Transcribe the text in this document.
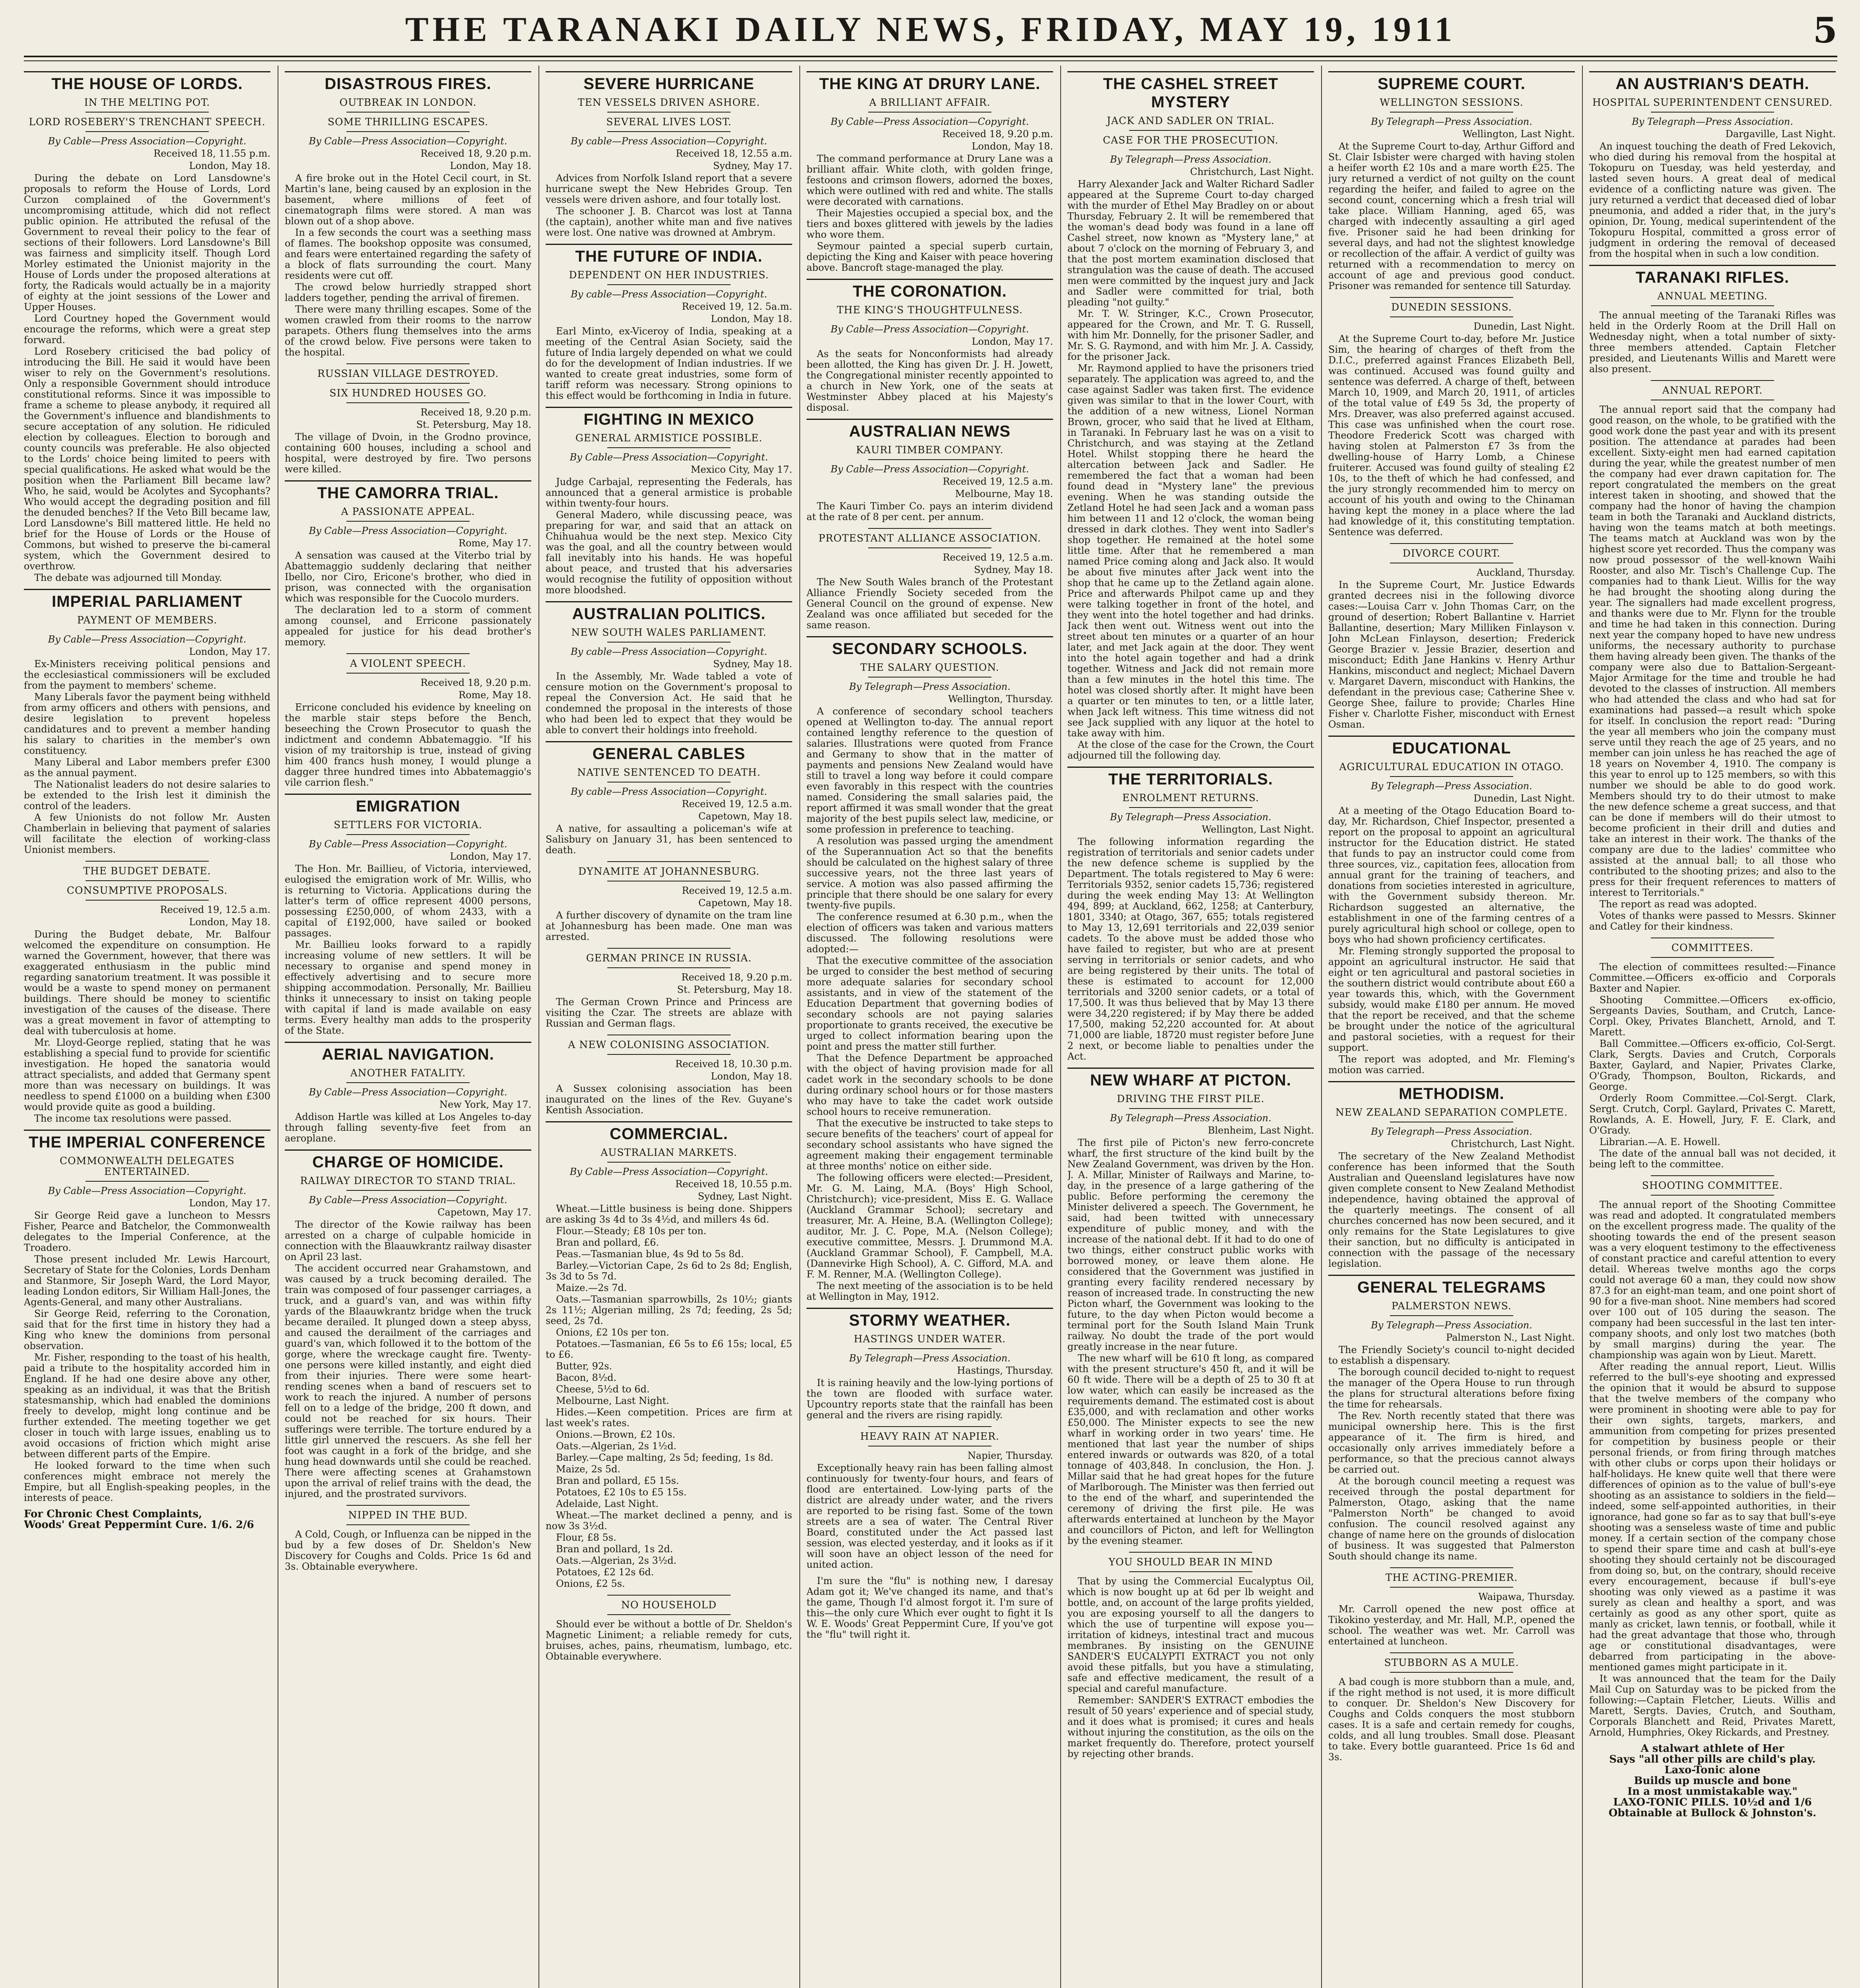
THE TARANAKI DAILY NEWS, FRIDAY, MAY 19, 1911	5
THE HOUSE OF LORDS.
IN THE MELTING POT.
LORD ROSEBERY'S TRENCHANT SPEECH.
By Cable—Press Association—Copyright.
Received 18, 11.55 p.m.
London, May 18.

During the debate on Lord Lansdowne's proposals to reform the House of Lords, Lord Curzon complained of the Government's uncompromising attitude, which did not reflect public opinion. He attributed the refusal of the Government to reveal their policy to the fear of sections of their followers. Lord Lansdowne's Bill was fairness and simplicity itself. Though Lord Morley estimated the Unionist majority in the House of Lords under the proposed alterations at forty, the Radicals would actually be in a majority of eighty at the joint sessions of the Lower and Upper Houses.

Lord Courtney hoped the Government would encourage the reforms, which were a great step forward.

Lord Rosebery criticised the bad policy of introducing the Bill. He said it would have been wiser to rely on the Government's resolutions. Only a responsible Government should introduce constitutional reforms. Since it was impossible to frame a scheme to please anybody, it required all the Government's influence and blandishments to secure acceptation of any solution. He ridiculed election by colleagues. Election to borough and county councils was preferable. He also objected to the Lords' choice being limited to peers with special qualifications. He asked what would be the position when the Parliament Bill became law? Who, he said, would be Acolytes and Sycophants? Who would accept the degrading position and fill the denuded benches? If the Veto Bill became law, Lord Lansdowne's Bill mattered little. He held no brief for the House of Lords or the House of Commons, but wished to preserve the bi-cameral system, which the Government desired to overthrow.

The debate was adjourned till Monday.

IMPERIAL PARLIAMENT
PAYMENT OF MEMBERS.
By Cable—Press Association—Copyright.
London, May 17.

Ex-Ministers receiving political pensions and the ecclesiastical commissioners will be excluded from the payment to members' scheme.

Many Liberals favor the payment being withheld from army officers and others with pensions, and desire legislation to prevent hopeless candidatures and to prevent a member handing his salary to charities in the member's own constituency.

Many Liberal and Labor members prefer £300 as the annual payment.

The Nationalist leaders do not desire salaries to be extended to the Irish lest it diminish the control of the leaders.

A few Unionists do not follow Mr. Austen Chamberlain in believing that payment of salaries will facilitate the election of working-class Unionist members.

THE BUDGET DEBATE.
CONSUMPTIVE PROPOSALS.
Received 19, 12.5 a.m.
London, May 18.

During the Budget debate, Mr. Balfour welcomed the expenditure on consumption. He warned the Government, however, that there was exaggerated enthusiasm in the public mind regarding sanatorium treatment. It was possible it would be a waste to spend money on permanent buildings. There should be money to scientific investigation of the causes of the disease. There was a great movement in favor of attempting to deal with tuberculosis at home.

Mr. Lloyd-George replied, stating that he was establishing a special fund to provide for scientific investigation. He hoped the sanatoria would attract specialists, and added that Germany spent more than was necessary on buildings. It was needless to spend £1000 on a building when £300 would provide quite as good a building.

The income tax resolutions were passed.

THE IMPERIAL CONFERENCE
COMMONWEALTH DELEGATES ENTERTAINED.
By Cable—Press Association—Copyright.
London, May 17.

Sir George Reid gave a luncheon to Messrs Fisher, Pearce and Batchelor, the Commonwealth delegates to the Imperial Conference, at the Troadero.

Those present included Mr. Lewis Harcourt, Secretary of State for the Colonies, Lords Denham and Stanmore, Sir Joseph Ward, the Lord Mayor, leading London editors, Sir William Hall-Jones, the Agents-General, and many other Australians.

Sir George Reid, referring to the Coronation, said that for the first time in history they had a King who knew the dominions from personal observation.

Mr. Fisher, responding to the toast of his health, paid a tribute to the hospitality accorded him in England. If he had one desire above any other, speaking as an individual, it was that the British statesmanship, which had enabled the dominions freely to develop, might long continue and be further extended. The meeting together we get closer in touch with large issues, enabling us to avoid occasions of friction which might arise between different parts of the Empire.

He looked forward to the time when such conferences might embrace not merely the Empire, but all English-speaking peoples, in the interests of peace.

For Chronic Chest Complaints,
Woods' Great Peppermint Cure. 1/6. 2/6
DISASTROUS FIRES.
OUTBREAK IN LONDON.
SOME THRILLING ESCAPES.
By Cable—Press Association—Copyright.
Received 18, 9.20 p.m.
London, May 18.

A fire broke out in the Hotel Cecil court, in St. Martin's lane, being caused by an explosion in the basement, where millions of feet of cinematograph films were stored. A man was blown out of a shop above.

In a few seconds the court was a seething mass of flames. The bookshop opposite was consumed, and fears were entertained regarding the safety of a block of flats surrounding the court. Many residents were cut off.

The crowd below hurriedly strapped short ladders together, pending the arrival of firemen.

There were many thrilling escapes. Some of the women crawled from their rooms to the narrow parapets. Others flung themselves into the arms of the crowd below. Five persons were taken to the hospital.

RUSSIAN VILLAGE DESTROYED.
SIX HUNDRED HOUSES GO.
Received 18, 9.20 p.m.
St. Petersburg, May 18.

The village of Dvoin, in the Grodno province, containing 600 houses, including a school and hospital, were destroyed by fire. Two persons were killed.

THE CAMORRA TRIAL.
A PASSIONATE APPEAL.
By Cable—Press Association—Copyright.
Rome, May 17.

A sensation was caused at the Viterbo trial by Abattemaggio suddenly declaring that neither Ibello, nor Ciro, Ericone's brother, who died in prison, was connected with the organisation which was responsible for the Cuocolo murders.

The declaration led to a storm of comment among counsel, and Erricone passionately appealed for justice for his dead brother's memory.

A VIOLENT SPEECH.
Received 18, 9.20 p.m.
Rome, May 18.

Erricone concluded his evidence by kneeling on the marble stair steps before the Bench, beseeching the Crown Prosecutor to quash the indictment and condemn Abbatemaggio. "If his vision of my traitorship is true, instead of giving him 400 francs hush money, I would plunge a dagger three hundred times into Abbatemaggio's vile carrion flesh."

EMIGRATION
SETTLERS FOR VICTORIA.
By Cable—Press Association—Copyright.
London, May 17.

The Hon. Mr. Baillieu, of Victoria, interviewed, eulogised the emigration work of Mr. Willis, who is returning to Victoria. Applications during the latter's term of office represent 4000 persons, possessing £250,000, of whom 2433, with a capital of £192,000, have sailed or booked passages.

Mr. Baillieu looks forward to a rapidly increasing volume of new settlers. It will be necessary to organise and spend money in effectively advertising and to secure more shipping accommodation. Personally, Mr. Baillieu thinks it unnecessary to insist on taking people with capital if land is made available on easy terms. Every healthy man adds to the prosperity of the State.

AERIAL NAVIGATION.
ANOTHER FATALITY.
By Cable—Press Association—Copyright.
New York, May 17.

Addison Hartle was killed at Los Angeles to-day through falling seventy-five feet from an aeroplane.

CHARGE OF HOMICIDE.
RAILWAY DIRECTOR TO STAND TRIAL.
By Cable—Press Association—Copyright.
Capetown, May 17.

The director of the Kowie railway has been arrested on a charge of culpable homicide in connection with the Blaauwkrantz railway disaster on April 23 last.

The accident occurred near Grahamstown, and was caused by a truck becoming derailed. The train was composed of four passenger carriages, a truck, and a guard's van, and was within fifty yards of the Blaauwkrantz bridge when the truck became derailed. It plunged down a steep abyss, and caused the derailment of the carriages and guard's van, which followed it to the bottom of the gorge, where the wreckage caught fire. Twenty-one persons were killed instantly, and eight died from their injuries. There were some heart-rending scenes when a band of rescuers set to work to reach the injured. A number of persons fell on to a ledge of the bridge, 200 ft down, and could not be reached for six hours. Their sufferings were terrible. The torture endured by a little girl unnerved the rescuers. As she fell her foot was caught in a fork of the bridge, and she hung head downwards until she could be reached. There were affecting scenes at Grahamstown upon the arrival of relief trains with the dead, the injured, and the prostrated survivors.

NIPPED IN THE BUD.

A Cold, Cough, or Influenza can be nipped in the bud by a few doses of Dr. Sheldon's New Discovery for Coughs and Colds. Price 1s 6d and 3s. Obtainable everywhere.

SEVERE HURRICANE
TEN VESSELS DRIVEN ASHORE.
SEVERAL LIVES LOST.
By cable—Press Association—Copyright.
Received 18, 12.55 a.m.
Sydney, May 17.

Advices from Norfolk Island report that a severe hurricane swept the New Hebrides Group. Ten vessels were driven ashore, and four totally lost.

The schooner J. B. Charcot was lost at Tanna (the captain), another white man and five natives were lost. One native was drowned at Ambrym.

THE FUTURE OF INDIA.
DEPENDENT ON HER INDUSTRIES.
By cable—Press Association—Copyright.
Received 19, 12. 5a.m.
London, May 18.

Earl Minto, ex-Viceroy of India, speaking at a meeting of the Central Asian Society, said the future of India largely depended on what we could do for the development of Indian industries. If we wanted to create great industries, some form of tariff reform was necessary. Strong opinions to this effect would be forthcoming in India in future.

FIGHTING IN MEXICO
GENERAL ARMISTICE POSSIBLE.
By Cable—Press Association—Copyright.
Mexico City, May 17.

Judge Carbajal, representing the Federals, has announced that a general armistice is probable within twenty-four hours.

General Madero, while discussing peace, was preparing for war, and said that an attack on Chihuahua would be the next step. Mexico City was the goal, and all the country between would fall inevitably into his hands. He was hopeful about peace, and trusted that his adversaries would recognise the futility of opposition without more bloodshed.

AUSTRALIAN POLITICS.
NEW SOUTH WALES PARLIAMENT.
By cable—Press Association—Copyright.
Sydney, May 18.

In the Assembly, Mr. Wade tabled a vote of censure motion on the Government's proposal to repeal the Conversion Act. He said that he condemned the proposal in the interests of those who had been led to expect that they would be able to convert their holdings into freehold.

GENERAL CABLES
NATIVE SENTENCED TO DEATH.
By cable—Press Association—Copyright.
Received 19, 12.5 a.m.
Capetown, May 18.

A native, for assaulting a policeman's wife at Salisbury on January 31, has been sentenced to death.

DYNAMITE AT JOHANNESBURG.
Received 19, 12.5 a.m.
Capetown, May 18.

A further discovery of dynamite on the tram line at Johannesburg has been made. One man was arrested.

GERMAN PRINCE IN RUSSIA.
Received 18, 9.20 p.m.
St. Petersburg, May 18.

The German Crown Prince and Princess are visiting the Czar. The streets are ablaze with Russian and German flags.

A NEW COLONISING ASSOCIATION.
Received 18, 10.30 p.m.
London, May 18.

A Sussex colonising association has been inaugurated on the lines of the Rev. Guyane's Kentish Association.

COMMERCIAL.
AUSTRALIAN MARKETS.
By Cable—Press Association—Copyright.
Received 18, 10.55 p.m.
Sydney, Last Night.

Wheat.—Little business is being done. Shippers are asking 3s 4d to 3s 4½d, and millers 4s 6d.

Flour.—Steady; £8 10s per ton.

Bran and pollard, £6.

Peas.—Tasmanian blue, 4s 9d to 5s 8d.

Barley.—Victorian Cape, 2s 6d to 2s 8d; English, 3s 3d to 5s 7d.

Maize.—2s 7d.

Oats.—Tasmanian sparrowbills, 2s 10½; giants 2s 11½; Algerian milling, 2s 7d; feeding, 2s 5d; seed, 2s 7d.

Onions, £2 10s per ton.

Potatoes.—Tasmanian, £6 5s to £6 15s; local, £5 to £6.

Butter, 92s.

Bacon, 8½d.

Cheese, 5½d to 6d.

Melbourne, Last Night.

Hides.—Keen competition. Prices are firm at last week's rates.

Onions.—Brown, £2 10s.

Oats.—Algerian, 2s 1½d.

Barley.—Cape malting, 2s 5d; feeding, 1s 8d.

Maize, 2s 5d.

Bran and pollard, £5 15s.

Potatoes, £2 10s to £5 15s.

Adelaide, Last Night.

Wheat.—The market declined a penny, and is now 3s 3½d.

Flour, £8 5s.

Bran and pollard, 1s 2d.

Oats.—Algerian, 2s 3½d.

Potatoes, £2 12s 6d.

Onions, £2 5s.

NO HOUSEHOLD

Should ever be without a bottle of Dr. Sheldon's Magnetic Liniment; a reliable remedy for cuts, bruises, aches, pains, rheumatism, lumbago, etc. Obtainable everywhere.

THE KING AT DRURY LANE.
A BRILLIANT AFFAIR.
By Cable—Press Association—Copyright.
Received 18, 9.20 p.m.
London, May 18.

The command performance at Drury Lane was a brilliant affair. White cloth, with golden fringe, festoons and crimson flowers, adorned the boxes, which were outlined with red and white. The stalls were decorated with carnations.

Their Majesties occupied a special box, and the tiers and boxes glittered with jewels by the ladies who wore them.

Seymour painted a special superb curtain, depicting the King and Kaiser with peace hovering above. Bancroft stage-managed the play.

THE CORONATION.
THE KING'S THOUGHTFULNESS.
By Cable—Press Association—Copyright.
London, May 17.

As the seats for Nonconformists had already been allotted, the King has given Dr. J. H. Jowett, the Congregational minister recently appointed to a church in New York, one of the seats at Westminster Abbey placed at his Majesty's disposal.

AUSTRALIAN NEWS
KAURI TIMBER COMPANY.
By Cable—Press Association—Copyright.
Received 19, 12.5 a.m.
Melbourne, May 18.

The Kauri Timber Co. pays an interim dividend at the rate of 8 per cent. per annum.

PROTESTANT ALLIANCE ASSOCIATION.
Received 19, 12.5 a.m.
Sydney, May 18.

The New South Wales branch of the Protestant Alliance Friendly Society seceded from the General Council on the ground of expense. New Zealand was once affiliated but seceded for the same reason.

SECONDARY SCHOOLS.
THE SALARY QUESTION.
By Telegraph—Press Association.
Wellington, Thursday.

A conference of secondary school teachers opened at Wellington to-day. The annual report contained lengthy reference to the question of salaries. Illustrations were quoted from France and Germany to show that in the matter of payments and pensions New Zealand would have still to travel a long way before it could compare even favorably in this respect with the countries named. Considering the small salaries paid, the report affirmed it was small wonder that the great majority of the best pupils select law, medicine, or some profession in preference to teaching.

A resolution was passed urging the amendment of the Superannuation Act so that the benefits should be calculated on the highest salary of three successive years, not the three last years of service. A motion was also passed affirming the principle that there should be one salary for every twenty-five pupils.

The conference resumed at 6.30 p.m., when the election of officers was taken and various matters discussed. The following resolutions were adopted:—

That the executive committee of the association be urged to consider the best method of securing more adequate salaries for secondary school assistants, and in view of the statement of the Education Department that governing bodies of secondary schools are not paying salaries proportionate to grants received, the executive be urged to collect information bearing upon the point and press the matter still further.

That the Defence Department be approached with the object of having provision made for all cadet work in the secondary schools to be done during ordinary school hours or for those masters who may have to take the cadet work outside school hours to receive remuneration.

That the executive be instructed to take steps to secure benefits of the teachers' court of appeal for secondary school assistants who have signed the agreement making their engagement terminable at three months' notice on either side.

The following officers were elected:—President, Mr. G. M. Laing, M.A. (Boys' High School, Christchurch); vice-president, Miss E. G. Wallace (Auckland Grammar School); secretary and treasurer, Mr. A. Heine, B.A. (Wellington College); auditor, Mr. J. C. Pope, M.A. (Nelson College); executive committee, Messrs. J. Drummond M.A. (Auckland Grammar School), F. Campbell, M.A. (Dannevirke High School), A. C. Gifford, M.A. and F. M. Renner, M.A. (Wellington College).

The next meeting of the association is to be held at Wellington in May, 1912.

STORMY WEATHER.
HASTINGS UNDER WATER.
By Telegraph—Press Association.
Hastings, Thursday.

It is raining heavily and the low-lying portions of the town are flooded with surface water. Upcountry reports state that the rainfall has been general and the rivers are rising rapidly.

HEAVY RAIN AT NAPIER.
Napier, Thursday.

Exceptionally heavy rain has been falling almost continuously for twenty-four hours, and fears of flood are entertained. Low-lying parts of the district are already under water, and the rivers are reported to be rising fast. Some of the town streets are a sea of water. The Central River Board, constituted under the Act passed last session, was elected yesterday, and it looks as if it will soon have an object lesson of the need for united action.

I'm sure the "flu" is nothing new, I daresay Adam got it; We've changed its name, and that's the game, Though I'd almost forgot it. I'm sure of this—the only cure Which ever ought to fight it Is W. E. Woods' Great Peppermint Cure, If you've got the "flu" twill right it.

THE CASHEL STREET MYSTERY
JACK AND SADLER ON TRIAL.
CASE FOR THE PROSECUTION.
By Telegraph—Press Association.
Christchurch, Last Night.

Harry Alexander Jack and Walter Richard Sadler appeared at the Supreme Court to-day charged with the murder of Ethel May Bradley on or about Thursday, February 2. It will be remembered that the woman's dead body was found in a lane off Cashel street, now known as "Mystery lane," at about 7 o'clock on the morning of February 3, and that the post mortem examination disclosed that strangulation was the cause of death. The accused men were committed by the inquest jury and Jack and Sadler were committed for trial, both pleading "not guilty."

Mr. T. W. Stringer, K.C., Crown Prosecutor, appeared for the Crown, and Mr. T. G. Russell, with him Mr. Donnelly, for the prisoner Sadler, and Mr. S. G. Raymond, and with him Mr. J. A. Cassidy, for the prisoner Jack.

Mr. Raymond applied to have the prisoners tried separately. The application was agreed to, and the case against Sadler was taken first. The evidence given was similar to that in the lower Court, with the addition of a new witness, Lionel Norman Brown, grocer, who said that he lived at Eltham, in Taranaki. In February last he was on a visit to Christchurch, and was staying at the Zetland Hotel. Whilst stopping there he heard the altercation between Jack and Sadler. He remembered the fact that a woman had been found dead in "Mystery lane" the previous evening. When he was standing outside the Zetland Hotel he had seen Jack and a woman pass him between 11 and 12 o'clock, the woman being dressed in dark clothes. They went into Sadler's shop together. He remained at the hotel some little time. After that he remembered a man named Price coming along and Jack also. It would be about five minutes after Jack went into the shop that he came up to the Zetland again alone. Price and afterwards Philpot came up and they were talking together in front of the hotel, and they went into the hotel together and had drinks. Jack then went out. Witness went out into the street about ten minutes or a quarter of an hour later, and met Jack again at the door. They went into the hotel again together and had a drink together. Witness and Jack did not remain more than a few minutes in the hotel this time. The hotel was closed shortly after. It might have been a quarter or ten minutes to ten, or a little later, when Jack left witness. This time witness did not see Jack supplied with any liquor at the hotel to take away with him.

At the close of the case for the Crown, the Court adjourned till the following day.

THE TERRITORIALS.
ENROLMENT RETURNS.
By Telegraph—Press Association.
Wellington, Last Night.

The following information regarding the registration of territorials and senior cadets under the new defence scheme is supplied by the Department. The totals registered to May 6 were: Territorials 9352, senior cadets 15,736; registered during the week ending May 13: At Wellington 494, 899; at Auckland, 662, 1258; at Canterbury, 1801, 3340; at Otago, 367, 655; totals registered to May 13, 12,691 territorials and 22,039 senior cadets. To the above must be added those who have failed to register, but who are at present serving in territorials or senior cadets, and who are being registered by their units. The total of these is estimated to account for 12,000 territorials and 3200 senior cadets, or a total of 17,500. It was thus believed that by May 13 there were 34,220 registered; if by May there be added 17,500, making 52,220 accounted for. At about 71,000 are liable, 18720 must register before June 2 next, or become liable to penalties under the Act.

NEW WHARF AT PICTON.
DRIVING THE FIRST PILE.
By Telegraph—Press Association.
Blenheim, Last Night.

The first pile of Picton's new ferro-concrete wharf, the first structure of the kind built by the New Zealand Government, was driven by the Hon. J. A. Millar, Minister of Railways and Marine, to-day, in the presence of a large gathering of the public. Before performing the ceremony the Minister delivered a speech. The Government, he said, had been twitted with unnecessary expenditure of public money, and with the increase of the national debt. If it had to do one of two things, either construct public works with borrowed money, or leave them alone. He considered that the Government was justified in granting every facility rendered necessary by reason of increased trade. In constructing the new Picton wharf, the Government was looking to the future, to the day when Picton would become a terminal port for the South Island Main Trunk railway. No doubt the trade of the port would greatly increase in the near future.

The new wharf will be 610 ft long, as compared with the present structure's 450 ft, and it will be 60 ft wide. There will be a depth of 25 to 30 ft at low water, which can easily be increased as the requirements demand. The estimated cost is about £35,000, and with reclamation and other works £50,000. The Minister expects to see the new wharf in working order in two years' time. He mentioned that last year the number of ships entered inwards or outwards was 820, of a total tonnage of 403,848. In conclusion, the Hon. J. Millar said that he had great hopes for the future of Marlborough. The Minister was then ferried out to the end of the wharf, and superintended the ceremony of driving the first pile. He was afterwards entertained at luncheon by the Mayor and councillors of Picton, and left for Wellington by the evening steamer.

YOU SHOULD BEAR IN MIND

That by using the Commercial Eucalyptus Oil, which is now bought up at 6d per lb weight and bottle, and, on account of the large profits yielded, you are exposing yourself to all the dangers to which the use of turpentine will expose you—irritation of kidneys, intestinal tract and mucous membranes. By insisting on the GENUINE SANDER'S EUCALYPTI EXTRACT you not only avoid these pitfalls, but you have a stimulating, safe and effective medicament, the result of a special and careful manufacture.

Remember: SANDER'S EXTRACT embodies the result of 50 years' experience and of special study, and it does what is promised; it cures and heals without injuring the constitution, as the oils on the market frequently do. Therefore, protect yourself by rejecting other brands.

SUPREME COURT.
WELLINGTON SESSIONS.
By Telegraph—Press Association.
Wellington, Last Night.

At the Supreme Court to-day, Arthur Gifford and St. Clair Isbister were charged with having stolen a heifer worth £2 10s and a mare worth £25. The jury returned a verdict of not guilty on the count regarding the heifer, and failed to agree on the second count, concerning which a fresh trial will take place. William Hanning, aged 65, was charged with indecently assaulting a girl aged five. Prisoner said he had been drinking for several days, and had not the slightest knowledge or recollection of the affair. A verdict of guilty was returned with a recommendation to mercy on account of age and previous good conduct. Prisoner was remanded for sentence till Saturday.

DUNEDIN SESSIONS.
Dunedin, Last Night.

At the Supreme Court to-day, before Mr. Justice Sim, the hearing of charges of theft from the D.I.C., preferred against Frances Elizabeth Bell, was continued. Accused was found guilty and sentence was deferred. A charge of theft, between March 10, 1909, and March 20, 1911, of articles of the total value of £49 5s 3d, the property of Mrs. Dreaver, was also preferred against accused. This case was unfinished when the court rose. Theodore Frederick Scott was charged with having stolen at Palmerston £7 3s from the dwelling-house of Harry Lomb, a Chinese fruiterer. Accused was found guilty of stealing £2 10s, to the theft of which he had confessed, and the jury strongly recommended him to mercy on account of his youth and owing to the Chinaman having kept the money in a place where the lad had knowledge of it, this constituting temptation. Sentence was deferred.

DIVORCE COURT.
Auckland, Thursday.

In the Supreme Court, Mr. Justice Edwards granted decrees nisi in the following divorce cases:—Louisa Carr v. John Thomas Carr, on the ground of desertion; Robert Ballantine v. Harriet Ballantine, desertion; Mary Milliken Finlayson v. John McLean Finlayson, desertion; Frederick George Brazier v. Jessie Brazier, desertion and misconduct; Edith Jane Hankins v. Henry Arthur Hankins, misconduct and neglect; Michael Davern v. Margaret Davern, misconduct with Hankins, the defendant in the previous case; Catherine Shee v. George Shee, failure to provide; Charles Hine Fisher v. Charlotte Fisher, misconduct with Ernest Osman.

EDUCATIONAL
AGRICULTURAL EDUCATION IN OTAGO.
By Telegraph—Press Association.
Dunedin, Last Night.

At a meeting of the Otago Education Board to-day, Mr. Richardson, Chief Inspector, presented a report on the proposal to appoint an agricultural instructor for the Education district. He stated that funds to pay an instructor could come from three sources, viz., capitation fees, allocation from annual grant for the training of teachers, and donations from societies interested in agriculture, with the Government subsidy thereon. Mr. Richardson suggested an alternative, the establishment in one of the farming centres of a purely agricultural high school or college, open to boys who had shown proficiency certificates.

Mr. Fleming strongly supported the proposal to appoint an agricultural instructor. He said that eight or ten agricultural and pastoral societies in the southern district would contribute about £60 a year towards this, which, with the Government subsidy, would make £180 per annum. He moved that the report be received, and that the scheme be brought under the notice of the agricultural and pastoral societies, with a request for their support.

The report was adopted, and Mr. Fleming's motion was carried.

METHODISM.
NEW ZEALAND SEPARATION COMPLETE.
By Telegraph—Press Association.
Christchurch, Last Night.

The secretary of the New Zealand Methodist conference has been informed that the South Australian and Queensland legislatures have now given complete consent to New Zealand Methodist independence, having obtained the approval of the quarterly meetings. The consent of all churches concerned has now been secured, and it only remains for the State Legislatures to give their sanction, but no difficulty is anticipated in connection with the passage of the necessary legislation.

GENERAL TELEGRAMS
PALMERSTON NEWS.
By Telegraph—Press Association.
Palmerston N., Last Night.

The Friendly Society's council to-night decided to establish a dispensary.

The borough council decided to-night to request the manager of the Opera House to run through the plans for structural alterations before fixing the time for rehearsals.

The Rev. North recently stated that there was municipal ownership here. This is the first appearance of it. The firm is hired, and occasionally only arrives immediately before a performance, so that the precious cannot always be carried out.

At the borough council meeting a request was received through the postal department for Palmerston, Otago, asking that the name "Palmerston North" be changed to avoid confusion. The council resolved against any change of name here on the grounds of dislocation of business. It was suggested that Palmerston South should change its name.

THE ACTING-PREMIER.
Waipawa, Thursday.

Mr. Carroll opened the new post office at Tikokino yesterday, and Mr. Hall, M.P., opened the school. The weather was wet. Mr. Carroll was entertained at luncheon.

STUBBORN AS A MULE.

A bad cough is more stubborn than a mule, and, if the right method is not used, it is more difficult to conquer. Dr. Sheldon's New Discovery for Coughs and Colds conquers the most stubborn cases. It is a safe and certain remedy for coughs, colds, and all lung troubles. Small dose. Pleasant to take. Every bottle guaranteed. Price 1s 6d and 3s.

AN AUSTRIAN'S DEATH.
HOSPITAL SUPERINTENDENT CENSURED.
By Telegraph—Press Association.
Dargaville, Last Night.

An inquest touching the death of Fred Lekovich, who died during his removal from the hospital at Tokopuru on Tuesday, was held yesterday, and lasted seven hours. A great deal of medical evidence of a conflicting nature was given. The jury returned a verdict that deceased died of lobar pneumonia, and added a rider that, in the jury's opinion, Dr. Young, medical superintendent of the Tokopuru Hospital, committed a gross error of judgment in ordering the removal of deceased from the hospital when in such a low condition.

TARANAKI RIFLES.
ANNUAL MEETING.

The annual meeting of the Taranaki Rifles was held in the Orderly Room at the Drill Hall on Wednesday night, when a total number of sixty-three members attended. Captain Fletcher presided, and Lieutenants Willis and Marett were also present.

ANNUAL REPORT.

The annual report said that the company had good reason, on the whole, to be gratified with the good work done the past year and with its present position. The attendance at parades had been excellent. Sixty-eight men had earned capitation during the year, while the greatest number of men the company had ever drawn capitation for. The report congratulated the members on the great interest taken in shooting, and showed that the company had the honor of having the champion team in both the Taranaki and Auckland districts, having won the teams match at both meetings. The teams match at Auckland was won by the highest score yet recorded. Thus the company was now proud possessor of the well-known Waihi Rooster, and also Mr. Tisch's Challenge Cup. The companies had to thank Lieut. Willis for the way he had brought the shooting along during the year. The signallers had made excellent progress, and thanks were due to Mr. Flynn for the trouble and time he had taken in this connection. During next year the company hoped to have new undress uniforms, the necessary authority to purchase them having already been given. The thanks of the company were also due to Battalion-Sergeant-Major Armitage for the time and trouble he had devoted to the classes of instruction. All members who had attended the class and who had sat for examinations had passed—a result which spoke for itself. In conclusion the report read: "During the year all members who join the company must serve until they reach the age of 25 years, and no member can join unless he has reached the age of 18 years on November 4, 1910. The company is this year to enrol up to 125 members, so with this number we should be able to do good work. Members should try to do their utmost to make the new defence scheme a great success, and that can be done if members will do their utmost to become proficient in their drill and duties and take an interest in their work. The thanks of the company are due to the ladies' committee who assisted at the annual ball; to all those who contributed to the shooting prizes; and also to the press for their frequent references to matters of interest to Territorials."

The report as read was adopted.

Votes of thanks were passed to Messrs. Skinner and Catley for their kindness.

COMMITTEES.

The election of committees resulted:—Finance Committee.—Officers ex-officio and Corporals Baxter and Napier.

Shooting Committee.—Officers ex-officio, Sergeants Davies, Southam, and Crutch, Lance-Corpl. Okey, Privates Blanchett, Arnold, and T. Marett.

Ball Committee.—Officers ex-officio, Col-Sergt. Clark, Sergts. Davies and Crutch, Corporals Baxter, Gaylard, and Napier, Privates Clarke, O'Grady, Thompson, Boulton, Rickards, and George.

Orderly Room Committee.—Col-Sergt. Clark, Sergt. Crutch, Corpl. Gaylard, Privates C. Marett, Rowlands, A. E. Howell, Jury, F. E. Clark, and O'Grady.

Librarian.—A. E. Howell.

The date of the annual ball was not decided, it being left to the committee.

SHOOTING COMMITTEE.

The annual report of the Shooting Committee was read and adopted. It congratulated members on the excellent progress made. The quality of the shooting towards the end of the present season was a very eloquent testimony to the effectiveness of constant practice and careful attention to every detail. Whereas twelve months ago the corps could not average 60 a man, they could now show 87.3 for an eight-man team, and one point short of 90 for a five-man shoot. Nine members had scored over 100 out of 105 during the season. The company had been successful in the last ten inter-company shoots, and only lost two matches (both by small margins) during the year. The championship was again won by Lieut. Marett.

After reading the annual report, Lieut. Willis referred to the bull's-eye shooting and expressed the opinion that it would be absurd to suppose that the twelve members of the company who were prominent in shooting were able to pay for their own sights, targets, markers, and ammunition from competing for prizes presented for competition by business people or their personal friends, or from firing through matches with other clubs or corps upon their holidays or half-holidays. He knew quite well that there were differences of opinion as to the value of bull's-eye shooting as an assistance to soldiers in the field—indeed, some self-appointed authorities, in their ignorance, had gone so far as to say that bull's-eye shooting was a senseless waste of time and public money. If a certain section of the company chose to spend their spare time and cash at bull's-eye shooting they should certainly not be discouraged from doing so, but, on the contrary, should receive every encouragement, because if bull's-eye shooting was only viewed as a pastime it was surely as clean and healthy a sport, and was certainly as good as any other sport, quite as manly as cricket, lawn tennis, or football, while it had the great advantage that those who, through age or constitutional disadvantages, were debarred from participating in the above-mentioned games might participate in it.

It was announced that the team for the Daily Mail Cup on Saturday was to be picked from the following:—Captain Fletcher, Lieuts. Willis and Marett, Sergts. Davies, Crutch, and Southam, Corporals Blanchett and Reid, Privates Marett, Arnold, Humphries, Okey Rickards, and Prestney.

A stalwart athlete of Her
Says "all other pills are child's play.
Laxo-Tonic alone
Builds up muscle and bone
In a most unmistakable way."
LAXO-TONIC PILLS. 10½d and 1/6
Obtainable at Bullock & Johnston's.
